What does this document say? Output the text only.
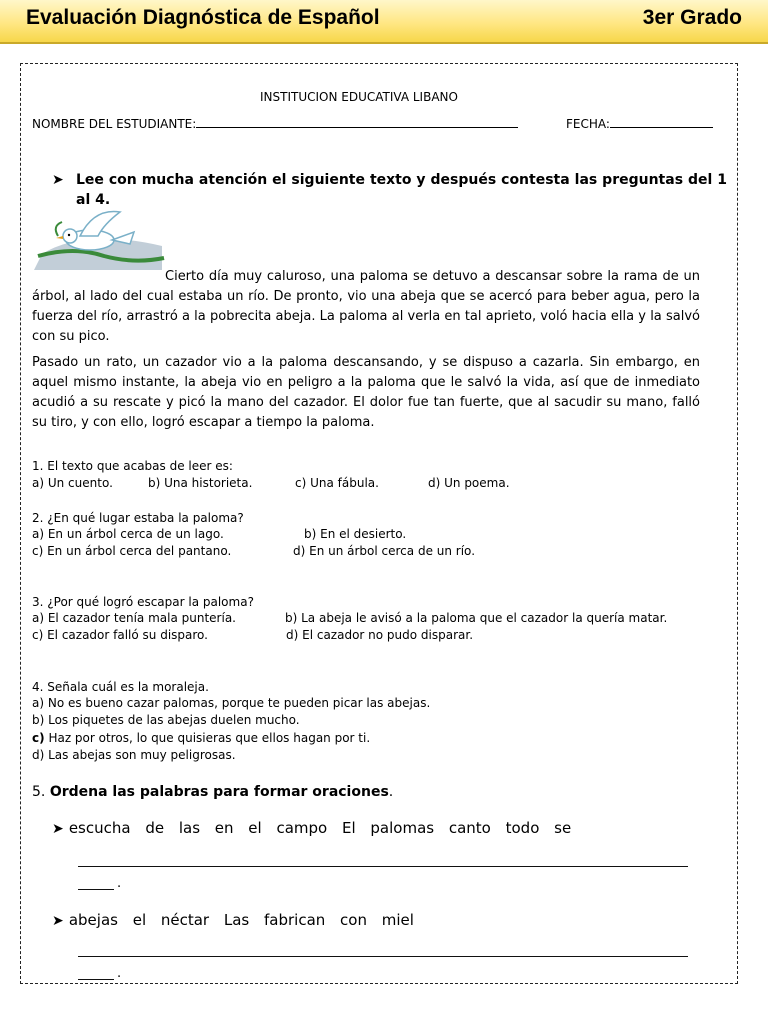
Evaluación Diagnóstica de Español	3er Grado
INSTITUCION EDUCATIVA LIBANO
NOMBRE DEL ESTUDIANTE:	FECHA:
➤ Lee con mucha atención el siguiente texto y después contesta las preguntas del 1 al 4.
Cierto día muy caluroso, una paloma se detuvo a descansar sobre la rama de un árbol, al lado del cual estaba un río. De pronto, vio una abeja que se acercó para beber agua, pero la fuerza del río, arrastró a la pobrecita abeja. La paloma al verla en tal aprieto, voló hacia ella y la salvó con su pico.
Pasado un rato, un cazador vio a la paloma descansando, y se dispuso a cazarla. Sin embargo, en aquel mismo instante, la abeja vio en peligro a la paloma que le salvó la vida, así que de inmediato acudió a su rescate y picó la mano del cazador. El dolor fue tan fuerte, que al sacudir su mano, falló su tiro, y con ello, logró escapar a tiempo la paloma.
1. El texto que acabas de leer es:
a) Un cuento.	b) Una historieta.	c) Una fábula.	d) Un poema.
2. ¿En qué lugar estaba la paloma?
a) En un árbol cerca de un lago.	b) En el desierto.
c) En un árbol cerca del pantano.	d) En un árbol cerca de un río.
3. ¿Por qué logró escapar la paloma?
a) El cazador tenía mala puntería.	b) La abeja le avisó a la paloma que el cazador la quería matar.
c) El cazador falló su disparo.	d) El cazador no pudo disparar.
4. Señala cuál es la moraleja.
a) No es bueno cazar palomas, porque te pueden picar las abejas.
b) Los piquetes de las abejas duelen mucho.
c) Haz por otros, lo que quisieras que ellos hagan por ti.
d) Las abejas son muy peligrosas.
5. Ordena las palabras para formar oraciones.
➤ escucha de las en el campo El palomas canto todo se
.
➤ abejas el néctar Las fabrican con miel
.
